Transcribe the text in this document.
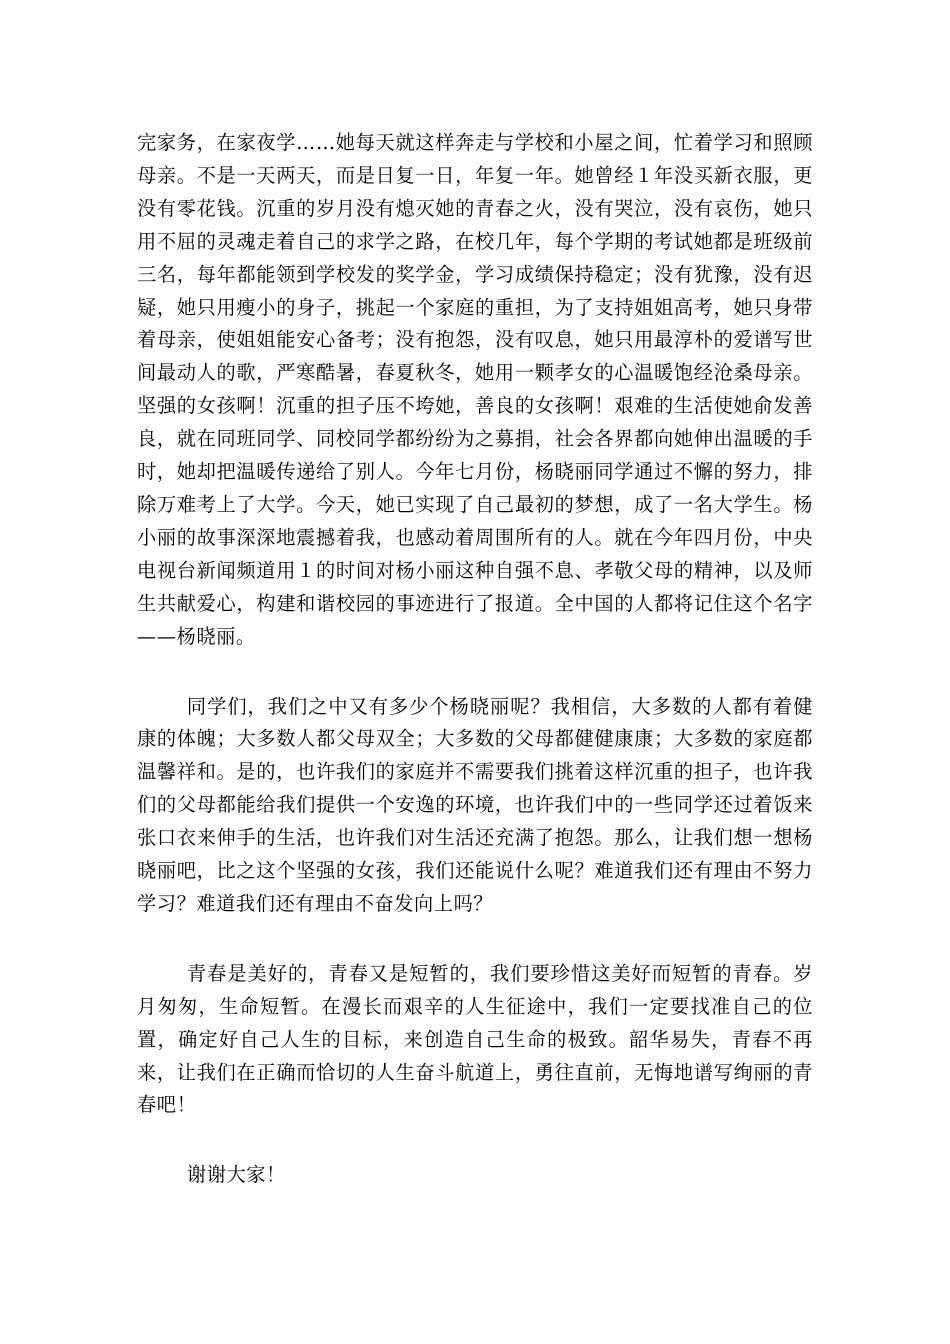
完家务，在家夜学……她每天就这样奔走与学校和小屋之间，忙着学习和照顾母亲。不是一天两天，而是日复一日，年复一年。她曾经１年没买新衣服，更没有零花钱。沉重的岁月没有熄灭她的青春之火，没有哭泣，没有哀伤，她只用不屈的灵魂走着自己的求学之路，在校几年，每个学期的考试她都是班级前三名，每年都能领到学校发的奖学金，学习成绩保持稳定；没有犹豫，没有迟疑，她只用瘦小的身子，挑起一个家庭的重担，为了支持姐姐高考，她只身带着母亲，使姐姐能安心备考；没有抱怨，没有叹息，她只用最淳朴的爱谱写世间最动人的歌，严寒酷暑，春夏秋冬，她用一颗孝女的心温暖饱经沧桑母亲。坚强的女孩啊！沉重的担子压不垮她，善良的女孩啊！艰难的生活使她俞发善良，就在同班同学、同校同学都纷纷为之募捐，社会各界都向她伸出温暖的手时，她却把温暖传递给了别人。今年七月份，杨晓丽同学通过不懈的努力，排除万难考上了大学。今天，她已实现了自己最初的梦想，成了一名大学生。杨小丽的故事深深地震撼着我，也感动着周围所有的人。就在今年四月份，中央电视台新闻频道用１的时间对杨小丽这种自强不息、孝敬父母的精神，以及师生共献爱心，构建和谐校园的事迹进行了报道。全中国的人都将记住这个名字——杨晓丽。

同学们，我们之中又有多少个杨晓丽呢？我相信，大多数的人都有着健康的体魄；大多数人都父母双全；大多数的父母都健健康康；大多数的家庭都温馨祥和。是的，也许我们的家庭并不需要我们挑着这样沉重的担子，也许我们的父母都能给我们提供一个安逸的环境，也许我们中的一些同学还过着饭来张口衣来伸手的生活，也许我们对生活还充满了抱怨。那么，让我们想一想杨晓丽吧，比之这个坚强的女孩，我们还能说什么呢？难道我们还有理由不努力学习？难道我们还有理由不奋发向上吗？

青春是美好的，青春又是短暂的，我们要珍惜这美好而短暂的青春。岁月匆匆，生命短暂。在漫长而艰辛的人生征途中，我们一定要找准自己的位置，确定好自己人生的目标，来创造自己生命的极致。韶华易失，青春不再来，让我们在正确而恰切的人生奋斗航道上，勇往直前，无悔地谱写绚丽的青春吧！

谢谢大家！
